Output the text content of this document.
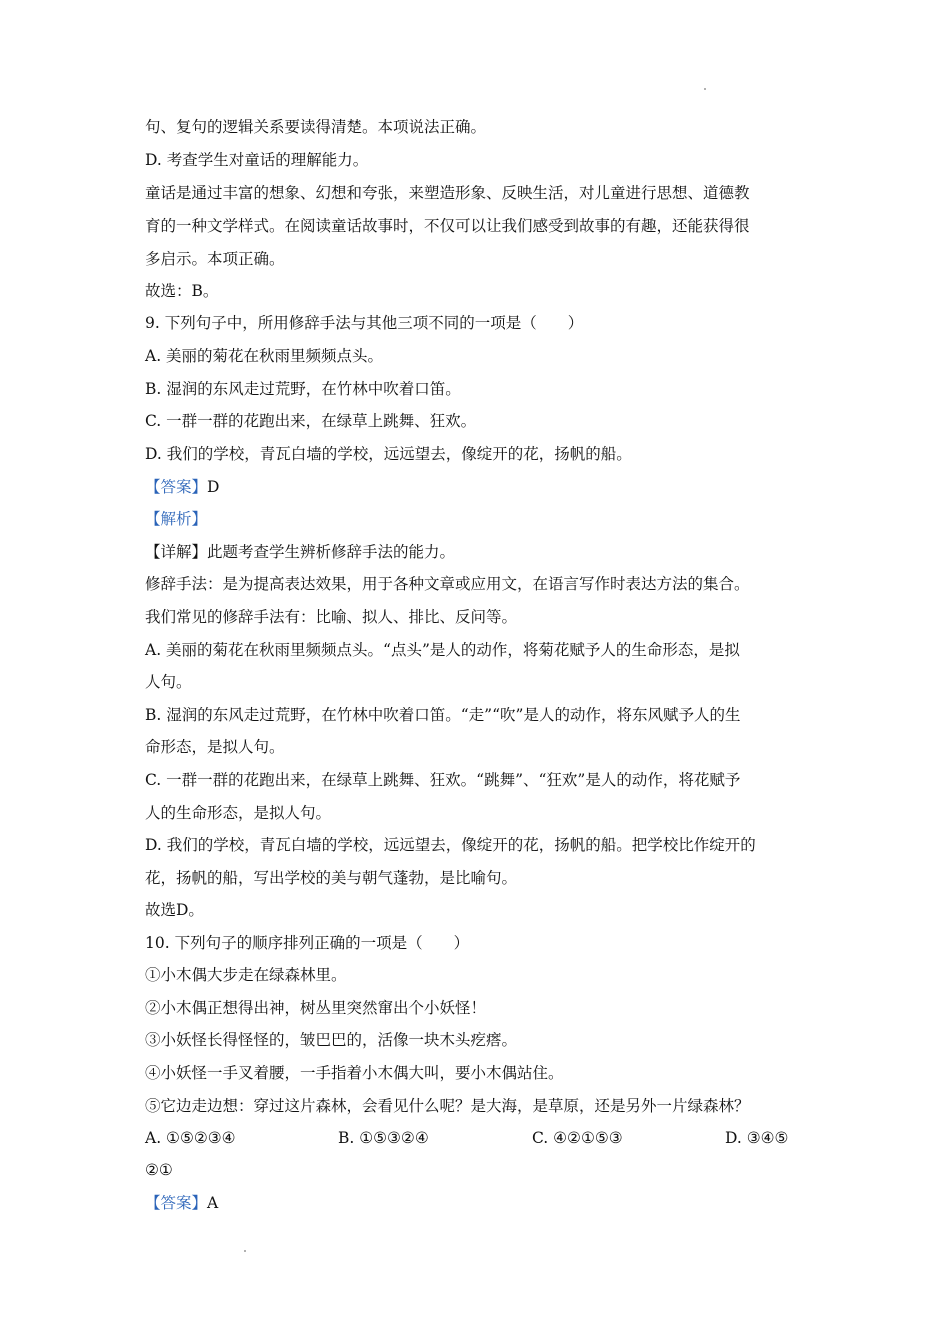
句、复句的逻辑关系要读得清楚。本项说法正确。
D. 考查学生对童话的理解能力。
童话是通过丰富的想象、幻想和夸张，来塑造形象、反映生活，对儿童进行思想、道德教
育的一种文学样式。在阅读童话故事时，不仅可以让我们感受到故事的有趣，还能获得很
多启示。本项正确。
故选：B。
9. 下列句子中，所用修辞手法与其他三项不同的一项是（　　）
A. 美丽的菊花在秋雨里频频点头。
B. 湿润的东风走过荒野，在竹林中吹着口笛。
C. 一群一群的花跑出来，在绿草上跳舞、狂欢。
D. 我们的学校，青瓦白墙的学校，远远望去，像绽开的花，扬帆的船。
【答案】D
【解析】
【详解】此题考查学生辨析修辞手法的能力。
修辞手法：是为提高表达效果，用于各种文章或应用文，在语言写作时表达方法的集合。
我们常见的修辞手法有：比喻、拟人、排比、反问等。
A. 美丽的菊花在秋雨里频频点头。“点头”是人的动作，将菊花赋予人的生命形态，是拟
人句。
B. 湿润的东风走过荒野，在竹林中吹着口笛。“走”“吹”是人的动作，将东风赋予人的生
命形态，是拟人句。
C. 一群一群的花跑出来，在绿草上跳舞、狂欢。“跳舞”、“狂欢”是人的动作，将花赋予
人的生命形态，是拟人句。
D. 我们的学校，青瓦白墙的学校，远远望去，像绽开的花，扬帆的船。把学校比作绽开的
花，扬帆的船，写出学校的美与朝气蓬勃，是比喻句。
故选D。
10. 下列句子的顺序排列正确的一项是（　　）
①小木偶大步走在绿森林里。
②小木偶正想得出神，树丛里突然窜出个小妖怪！
③小妖怪长得怪怪的，皱巴巴的，活像一块木头疙瘩。
④小妖怪一手叉着腰，一手指着小木偶大叫，要小木偶站住。
⑤它边走边想：穿过这片森林，会看见什么呢？是大海，是草原，还是另外一片绿森林？
A. ①⑤②③④	B. ①⑤③②④	C. ④②①⑤③	D. ③④⑤
②①
【答案】A
